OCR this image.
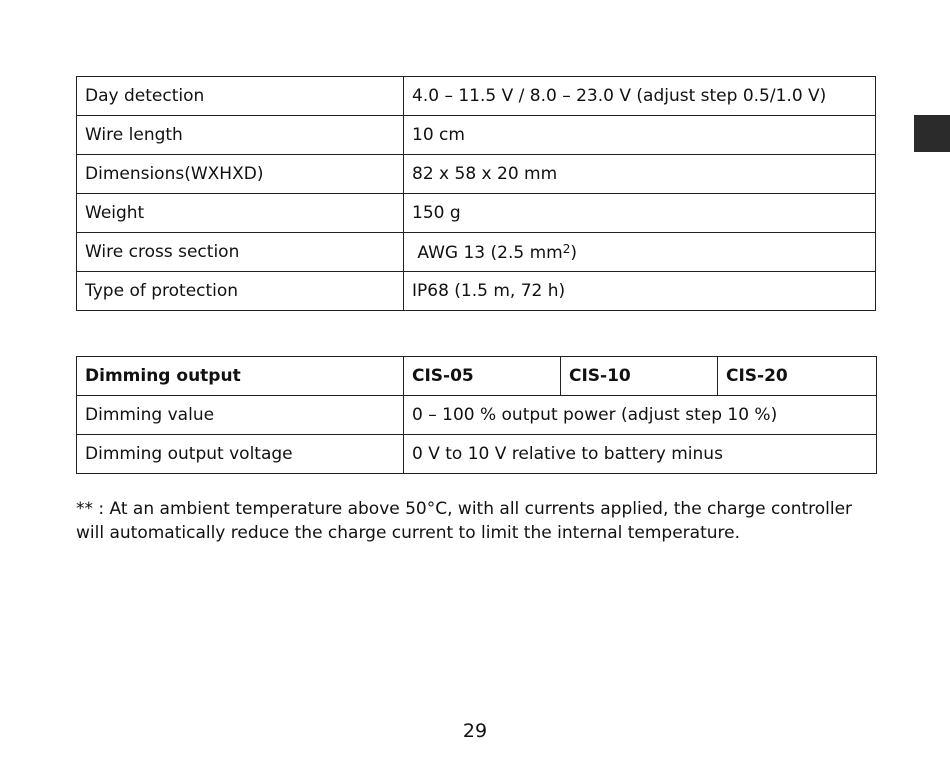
Day detection	4.0 – 11.5 V / 8.0 – 23.0 V (adjust step 0.5/1.0 V)
Wire length	10 cm
Dimensions(WXHXD)	82 x 58 x 20 mm
Weight	150 g
Wire cross section	AWG 13 (2.5 $mm^2$)
Type of protection	IP68 (1.5 m, 72 h)
Dimming output	CIS-05	CIS-10	CIS-20
Dimming value	0 – 100 % output power (adjust step 10 %)		
Dimming output voltage	0 V to 10 V relative to battery minus		
** : At an ambient temperature above 50°C, with all currents applied, the charge controller will automatically reduce the charge current to limit the internal temperature.
29
